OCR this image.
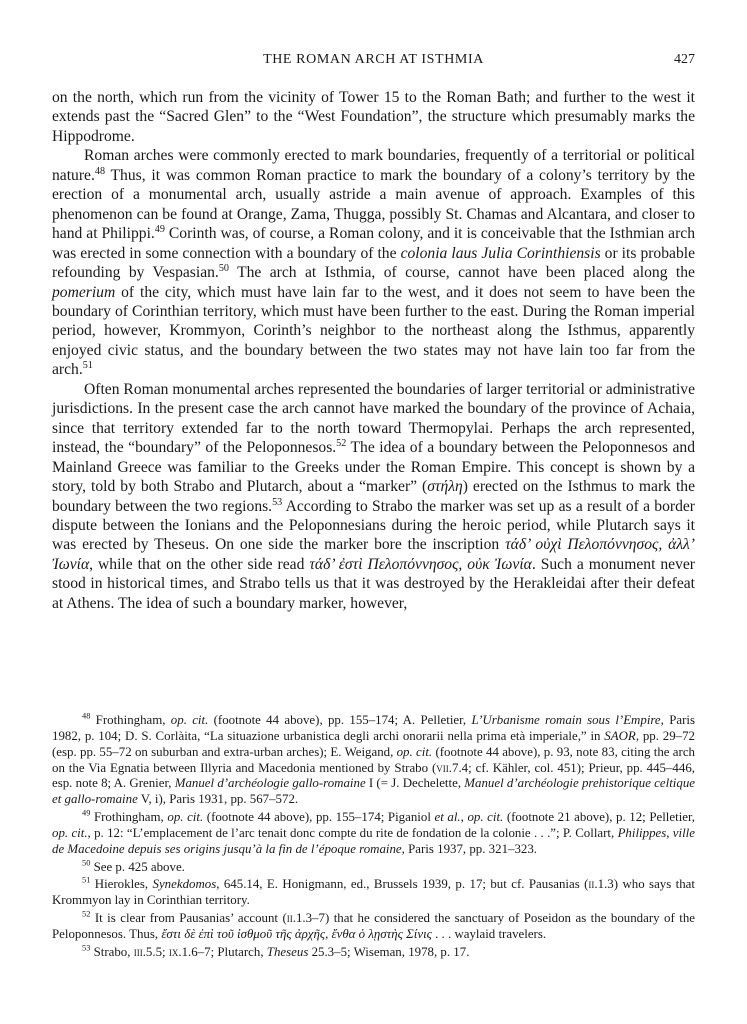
THE ROMAN ARCH AT ISTHMIA	427

on the north, which run from the vicinity of Tower 15 to the Roman Bath; and further to the west it extends past the “Sacred Glen” to the “West Foundation”, the structure which presumably marks the Hippodrome.

Roman arches were commonly erected to mark boundaries, frequently of a territorial or political nature.$^{48}$ Thus, it was common Roman practice to mark the boundary of a colony’s territory by the erection of a monumental arch, usually astride a main avenue of approach. Examples of this phenomenon can be found at Orange, Zama, Thugga, possibly St. Chamas and Alcantara, and closer to hand at Philippi.$^{49}$ Corinth was, of course, a Roman colony, and it is conceivable that the Isthmian arch was erected in some connection with a boundary of the colonia laus Julia Corinthiensis or its probable refounding by Vespasian.$^{50}$ The arch at Isthmia, of course, cannot have been placed along the pomerium of the city, which must have lain far to the west, and it does not seem to have been the boundary of Corinthian territory, which must have been further to the east. During the Roman imperial period, however, Krommyon, Corinth’s neighbor to the northeast along the Isthmus, apparently enjoyed civic status, and the boundary between the two states may not have lain too far from the arch.$^{51}$

Often Roman monumental arches represented the boundaries of larger territorial or administrative jurisdictions. In the present case the arch cannot have marked the boundary of the province of Achaia, since that territory extended far to the north toward Thermopylai. Perhaps the arch represented, instead, the “boundary” of the Peloponnesos.$^{52}$ The idea of a boundary between the Peloponnesos and Mainland Greece was familiar to the Greeks under the Roman Empire. This concept is shown by a story, told by both Strabo and Plutarch, about a “marker” (στήλη) erected on the Isthmus to mark the boundary between the two regions.$^{53}$ According to Strabo the marker was set up as a result of a border dispute between the Ionians and the Peloponnesians during the heroic period, while Plutarch says it was erected by Theseus. On one side the marker bore the inscription τάδ’ οὐχὶ Πελοπόννησος, ἀλλ’ Ἰωνία, while that on the other side read τάδ’ ἐστὶ Πελοπόννησος, οὐκ Ἰωνία. Such a monument never stood in historical times, and Strabo tells us that it was destroyed by the Herakleidai after their defeat at Athens. The idea of such a boundary marker, however,

$^{48}$ Frothingham, op. cit. (footnote 44 above), pp. 155–174; A. Pelletier, L’Urbanisme romain sous l’Empire, Paris 1982, p. 104; D. S. Corlàita, “La situazione urbanistica degli archi onorarii nella prima età imperiale,” in SAOR, pp. 29–72 (esp. pp. 55–72 on suburban and extra-urban arches); E. Weigand, op. cit. (footnote 44 above), p. 93, note 83, citing the arch on the Via Egnatia between Illyria and Macedonia mentioned by Strabo (vii.7.4; cf. Kähler, col. 451); Prieur, pp. 445–446, esp. note 8; A. Grenier, Manuel d’archéologie gallo-romaine I (= J. Dechelette, Manuel d’archéologie prehistorique celtique et gallo-romaine V, i), Paris 1931, pp. 567–572.

$^{49}$ Frothingham, op. cit. (footnote 44 above), pp. 155–174; Piganiol et al., op. cit. (footnote 21 above), p. 12; Pelletier, op. cit., p. 12: “L’emplacement de l’arc tenait donc compte du rite de fondation de la colonie . . .”; P. Collart, Philippes, ville de Macedoine depuis ses origins jusqu’à la fin de l’époque romaine, Paris 1937, pp. 321–323.

$^{50}$ See p. 425 above.

$^{51}$ Hierokles, Synekdomos, 645.14, E. Honigmann, ed., Brussels 1939, p. 17; but cf. Pausanias (ii.1.3) who says that Krommyon lay in Corinthian territory.

$^{52}$ It is clear from Pausanias’ account (ii.1.3–7) that he considered the sanctuary of Poseidon as the boundary of the Peloponnesos. Thus, ἔστι δὲ ἐπὶ τοῦ ἰσθμοῦ τῆς ἀρχῆς, ἔνθα ὁ λῃστὴς Σίνις . . . waylaid travelers.

$^{53}$ Strabo, iii.5.5; ix.1.6–7; Plutarch, Theseus 25.3–5; Wiseman, 1978, p. 17.
